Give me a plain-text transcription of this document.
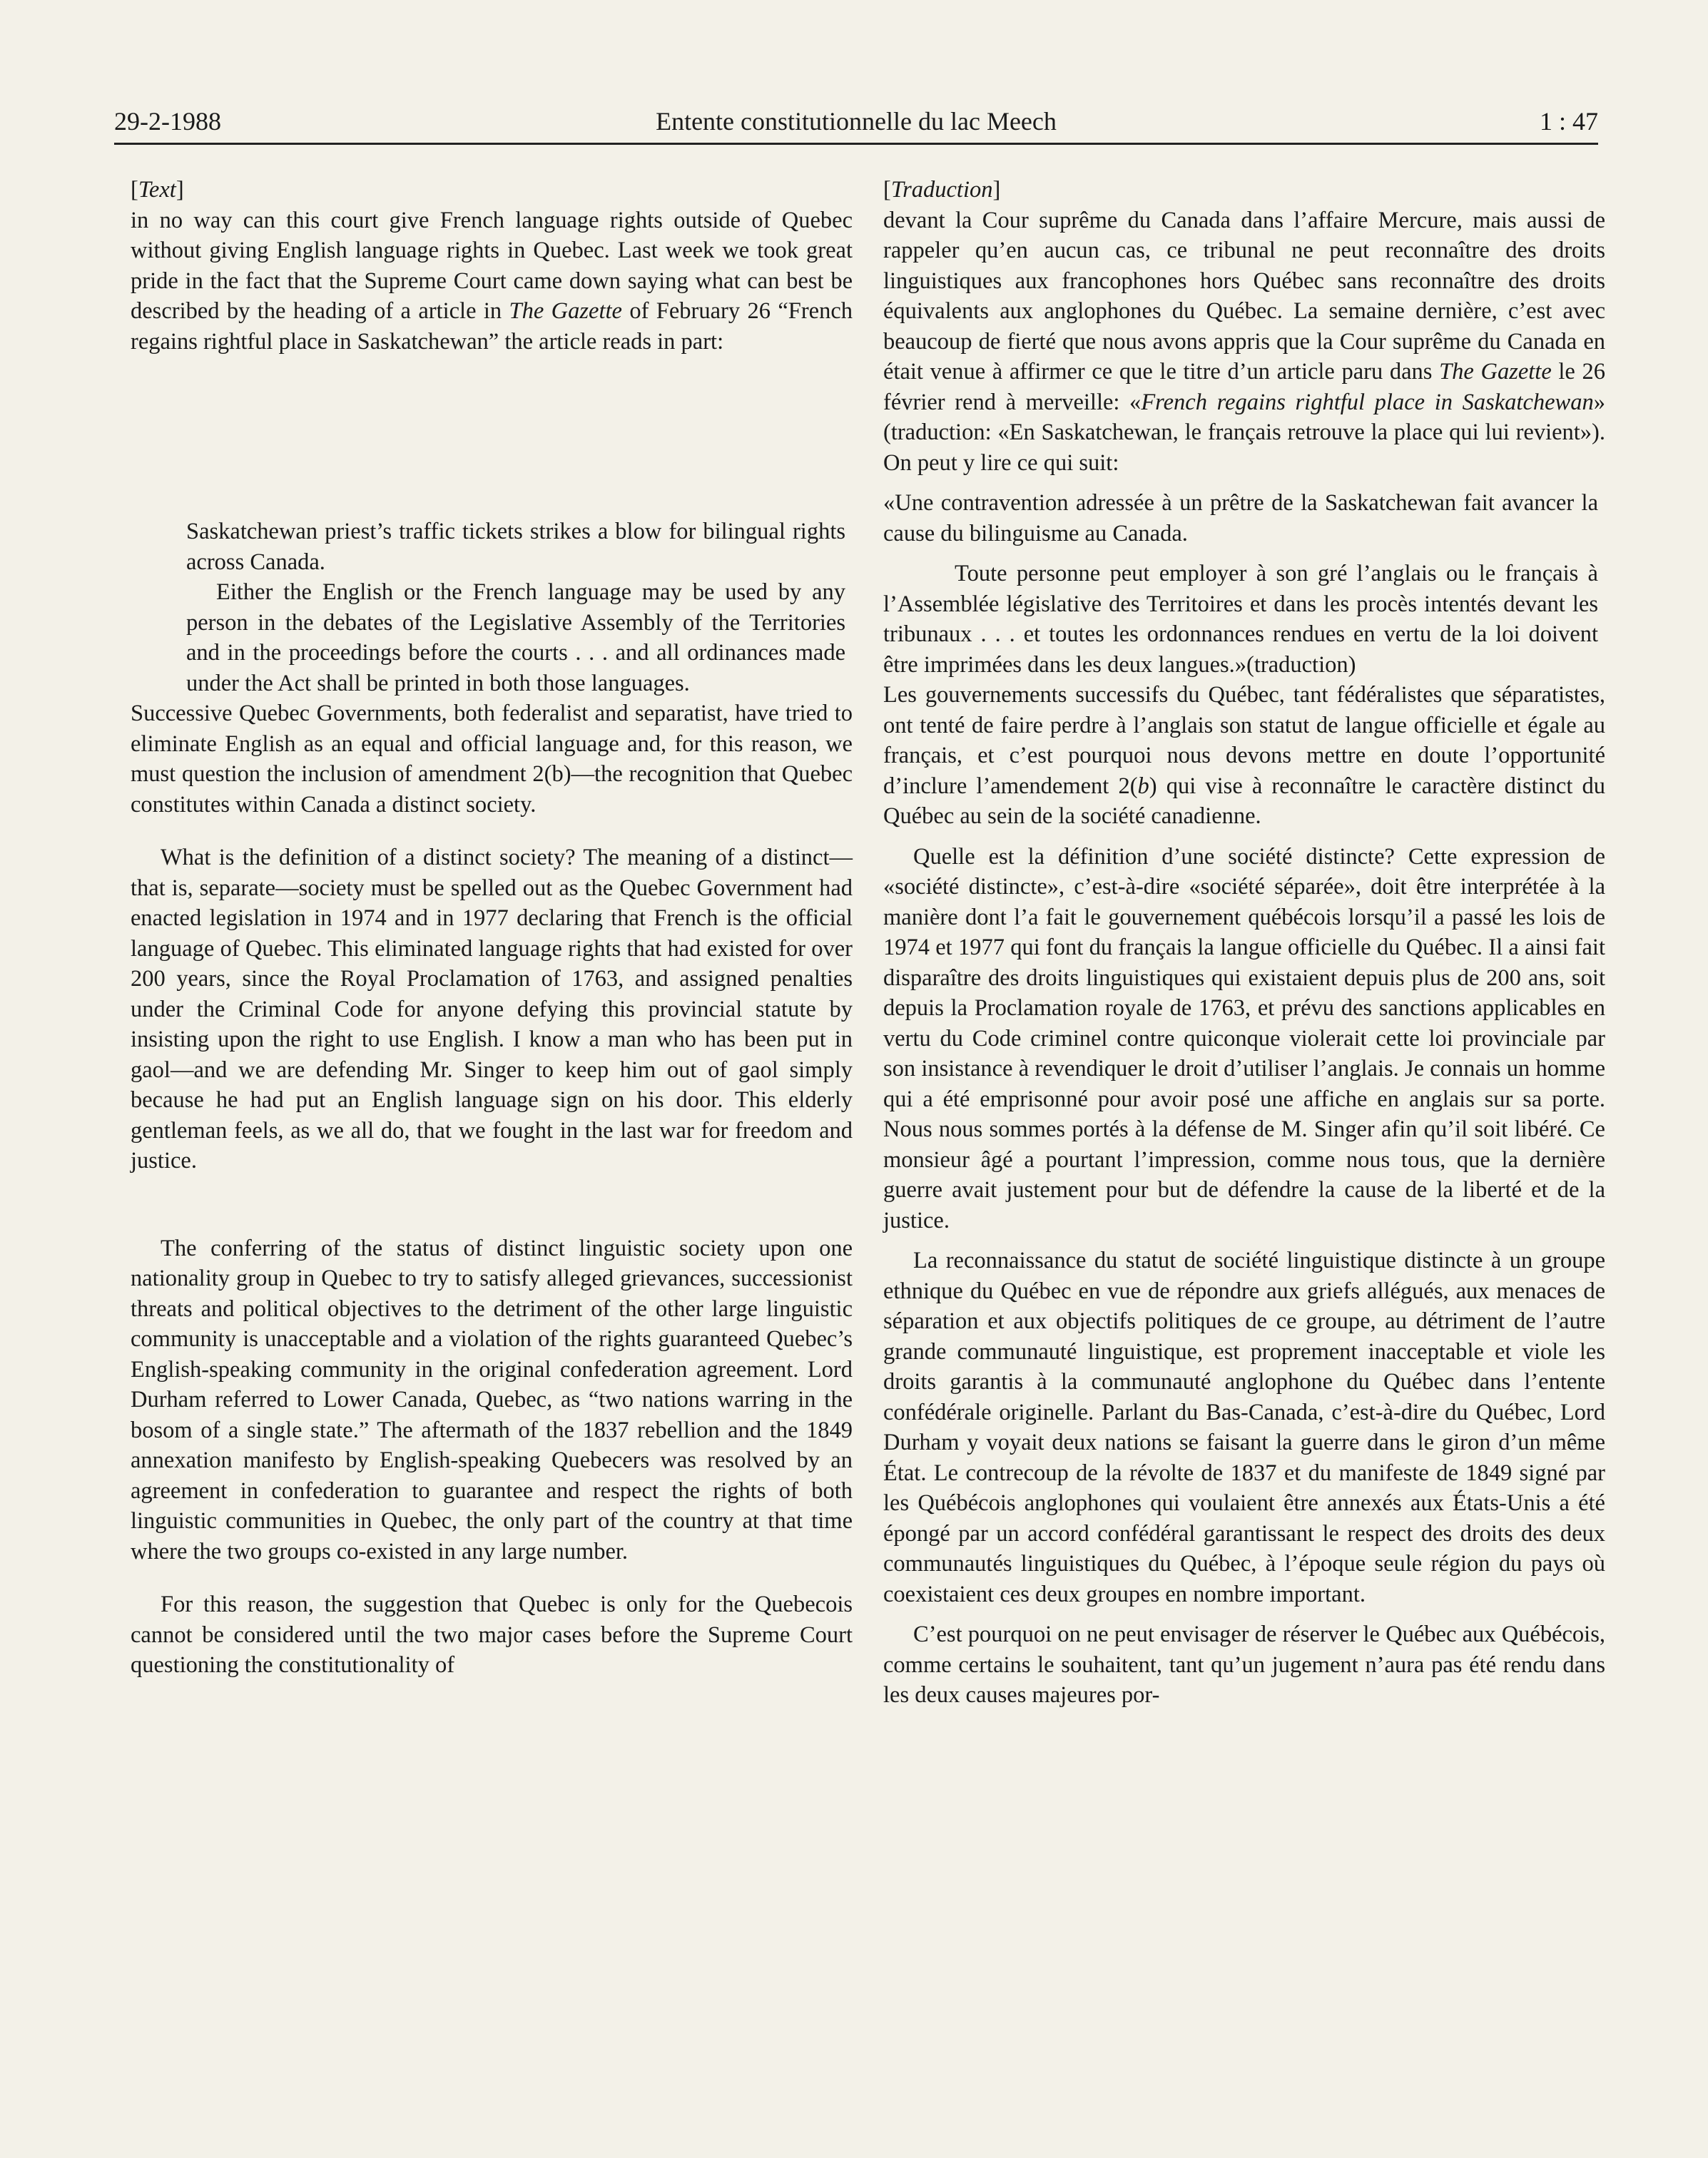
29-2-1988	Entente constitutionnelle du lac Meech	1 : 47

[Text]

in no way can this court give French language rights outside of Quebec without giving English language rights in Quebec. Last week we took great pride in the fact that the Supreme Court came down saying what can best be described by the heading of a article in The Gazette of February 26 “French regains rightful place in Saskatchewan” the article reads in part:

Saskatchewan priest’s traffic tickets strikes a blow for bilingual rights across Canada.

Either the English or the French language may be used by any person in the debates of the Legislative Assembly of the Territories and in the proceedings before the courts . . . and all ordinances made under the Act shall be printed in both those languages.

Successive Quebec Governments, both federalist and separatist, have tried to eliminate English as an equal and official language and, for this reason, we must question the inclusion of amendment 2(b)—the recognition that Quebec constitutes within Canada a distinct society.

What is the definition of a distinct society? The meaning of a distinct—that is, separate—society must be spelled out as the Quebec Government had enacted legislation in 1974 and in 1977 declaring that French is the official language of Quebec. This eliminated language rights that had existed for over 200 years, since the Royal Proclamation of 1763, and assigned penalties under the Criminal Code for anyone defying this provincial statute by insisting upon the right to use English. I know a man who has been put in gaol—and we are defending Mr. Singer to keep him out of gaol simply because he had put an English language sign on his door. This elderly gentleman feels, as we all do, that we fought in the last war for freedom and justice.

The conferring of the status of distinct linguistic society upon one nationality group in Quebec to try to satisfy alleged grievances, successionist threats and political objectives to the detriment of the other large linguistic community is unacceptable and a violation of the rights guaranteed Quebec’s English-speaking community in the original confederation agreement. Lord Durham referred to Lower Canada, Quebec, as “two nations warring in the bosom of a single state.” The aftermath of the 1837 rebellion and the 1849 annexation manifesto by English-speaking Quebecers was resolved by an agreement in confederation to guarantee and respect the rights of both linguistic communities in Quebec, the only part of the country at that time where the two groups co-existed in any large number.

For this reason, the suggestion that Quebec is only for the Quebecois cannot be considered until the two major cases before the Supreme Court questioning the constitutionality of

[Traduction]

devant la Cour suprême du Canada dans l’affaire Mercure, mais aussi de rappeler qu’en aucun cas, ce tribunal ne peut reconnaître des droits linguistiques aux francophones hors Québec sans reconnaître des droits équivalents aux anglophones du Québec. La semaine dernière, c’est avec beaucoup de fierté que nous avons appris que la Cour suprême du Canada en était venue à affirmer ce que le titre d’un article paru dans The Gazette le 26 février rend à merveille: «French regains rightful place in Saskatchewan» (traduction: «En Saskatchewan, le français retrouve la place qui lui revient»). On peut y lire ce qui suit:

«Une contravention adressée à un prêtre de la Saskatchewan fait avancer la cause du bilinguisme au Canada.

Toute personne peut employer à son gré l’anglais ou le français à l’Assemblée législative des Territoires et dans les procès intentés devant les tribunaux . . . et toutes les ordonnances rendues en vertu de la loi doivent être imprimées dans les deux langues.»(traduction)

Les gouvernements successifs du Québec, tant fédéralistes que séparatistes, ont tenté de faire perdre à l’anglais son statut de langue officielle et égale au français, et c’est pourquoi nous devons mettre en doute l’opportunité d’inclure l’amendement 2(b) qui vise à reconnaître le caractère distinct du Québec au sein de la société canadienne.

Quelle est la définition d’une société distincte? Cette expression de «société distincte», c’est-à-dire «société séparée», doit être interprétée à la manière dont l’a fait le gouvernement québécois lorsqu’il a passé les lois de 1974 et 1977 qui font du français la langue officielle du Québec. Il a ainsi fait disparaître des droits linguistiques qui existaient depuis plus de 200 ans, soit depuis la Proclamation royale de 1763, et prévu des sanctions applicables en vertu du Code criminel contre quiconque violerait cette loi provinciale par son insistance à revendiquer le droit d’utiliser l’anglais. Je connais un homme qui a été emprisonné pour avoir posé une affiche en anglais sur sa porte. Nous nous sommes portés à la défense de M. Singer afin qu’il soit libéré. Ce monsieur âgé a pourtant l’impression, comme nous tous, que la dernière guerre avait justement pour but de défendre la cause de la liberté et de la justice.

La reconnaissance du statut de société linguistique distincte à un groupe ethnique du Québec en vue de répondre aux griefs allégués, aux menaces de séparation et aux objectifs politiques de ce groupe, au détriment de l’autre grande communauté linguistique, est proprement inacceptable et viole les droits garantis à la communauté anglophone du Québec dans l’entente confédérale originelle. Parlant du Bas-Canada, c’est-à-dire du Québec, Lord Durham y voyait deux nations se faisant la guerre dans le giron d’un même État. Le contrecoup de la révolte de 1837 et du manifeste de 1849 signé par les Québécois anglophones qui voulaient être annexés aux États-Unis a été épongé par un accord confédéral garantissant le respect des droits des deux communautés linguistiques du Québec, à l’époque seule région du pays où coexistaient ces deux groupes en nombre important.

C’est pourquoi on ne peut envisager de réserver le Québec aux Québécois, comme certains le souhaitent, tant qu’un jugement n’aura pas été rendu dans les deux causes majeures por-
